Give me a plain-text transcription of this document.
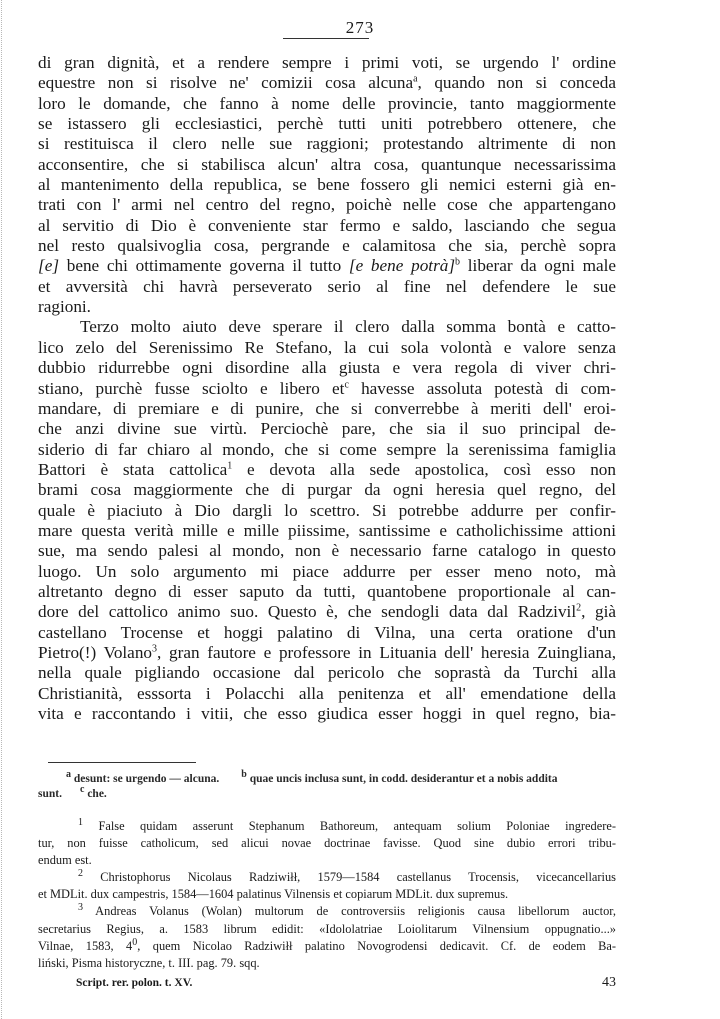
273
di gran dignità, et a rendere sempre i primi voti, se urgendo l' ordine
equestre non si risolve ne' comizii cosa alcuna$^a$, quando non si conceda
loro le domande, che fanno à nome delle provincie, tanto maggiormente
se istassero gli ecclesiastici, perchè tutti uniti potrebbero ottenere, che
si restituisca il clero nelle sue raggioni; protestando altrimente di non
acconsentire, che si stabilisca alcun' altra cosa, quantunque necessarissima
al mantenimento della republica, se bene fossero gli nemici esterni già en-
trati con l' armi nel centro del regno, poichè nelle cose che appartengano
al servitio di Dio è conveniente star fermo e saldo, lasciando che segua
nel resto qualsivoglia cosa, pergrande e calamitosa che sia, perchè sopra
[e] bene chi ottimamente governa il tutto [e bene potrà]$^b$ liberar da ogni male
et avversità chi havrà perseverato serio al fine nel defendere le sue
ragioni.
Terzo molto aiuto deve sperare il clero dalla somma bontà e catto-
lico zelo del Serenissimo Re Stefano, la cui sola volontà e valore senza
dubbio ridurrebbe ogni disordine alla giusta e vera regola di viver chri-
stiano, purchè fusse sciolto e libero $et^c$ havesse assoluta potestà di com-
mandare, di premiare e di punire, che si converrebbe à meriti dell' eroi-
che anzi divine sue virtù. Perciochè pare, che sia il suo principal de-
siderio di far chiaro al mondo, che si come sempre la serenissima famiglia
Battori è stata cattolica$^1$ e devota alla sede apostolica, così esso non
brami cosa maggiormente che di purgar da ogni heresia quel regno, del
quale è piaciuto à Dio dargli lo scettro. Si potrebbe addurre per confir-
mare questa verità mille e mille piissime, santissime e catholichissime attioni
sue, ma sendo palesi al mondo, non è necessario farne catalogo in questo
luogo. Un solo argumento mi piace addurre per esser meno noto, mà
altretanto degno di esser saputo da tutti, quantobene proportionale al can-
dore del cattolico animo suo. Questo è, che sendogli data dal Radzivil$^2$, già
castellano Trocense et hoggi palatino di Vilna, una certa oratione d'un
Pietro(!) Volano$^3$, gran fautore e professore in Lituania dell' heresia Zuingliana,
nella quale pigliando occasione dal pericolo che soprastà da Turchi alla
Christianità, esssorta i Polacchi alla penitenza et all' emendatione della
vita e raccontando i vitii, che esso giudica esser hoggi in quel regno, bia-
$^a$ desunt: se urgendo — alcuna. $^b$ quae uncis inclusa sunt, in codd. desiderantur et a nobis addita
sunt. $^c$ che.
$^1$ False quidam asserunt Stephanum Bathoreum, antequam solium Poloniae ingredere-
tur, non fuisse catholicum, sed alicui novae doctrinae favisse. Quod sine dubio errori tribu-
endum est.
$^2$ Christophorus Nicolaus Radziwiłł, 1579—1584 castellanus Trocensis, vicecancellarius
et MDLit. dux campestris, 1584—1604 palatinus Vilnensis et copiarum MDLit. dux supremus.
$^3$ Andreas Volanus (Wolan) multorum de controversiis religionis causa libellorum auctor,
secretarius Regius, a. 1583 librum edidit: «Idololatriae Loiolitarum Vilnensium oppugnatio...»
Vilnae, 1583, $4^0$, quem Nicolao Radziwiłł palatino Novogrodensi dedicavit. Cf. de eodem Ba-
liński, Pisma historyczne, t. III. pag. 79. sqq.
Script. rer. polon. t. XV.	43
